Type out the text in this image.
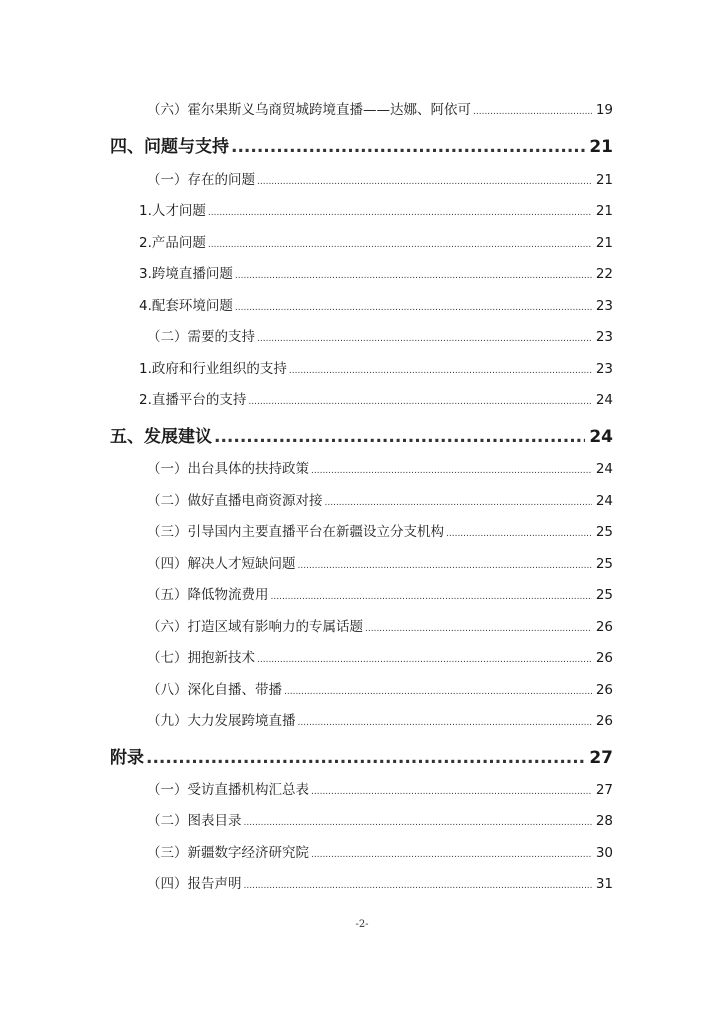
（六）霍尔果斯义乌商贸城跨境直播——达娜、阿依可 .....	19
四、问题与支持 .....	21
（一）存在的问题 .....	21
1.人才问题 .....	21
2.产品问题 .....	21
3.跨境直播问题 .....	22
4.配套环境问题 .....	23
（二）需要的支持 .....	23
1.政府和行业组织的支持 .....	23
2.直播平台的支持 .....	24
五、发展建议 .....	24
（一）出台具体的扶持政策 .....	24
（二）做好直播电商资源对接 .....	24
（三）引导国内主要直播平台在新疆设立分支机构 .....	25
（四）解决人才短缺问题 .....	25
（五）降低物流费用 .....	25
（六）打造区域有影响力的专属话题 .....	26
（七）拥抱新技术 .....	26
（八）深化自播、带播 .....	26
（九）大力发展跨境直播 .....	26
附录 .....	27
（一）受访直播机构汇总表 .....	27
（二）图表目录 .....	28
（三）新疆数字经济研究院 .....	30
（四）报告声明 .....	31
-2-
